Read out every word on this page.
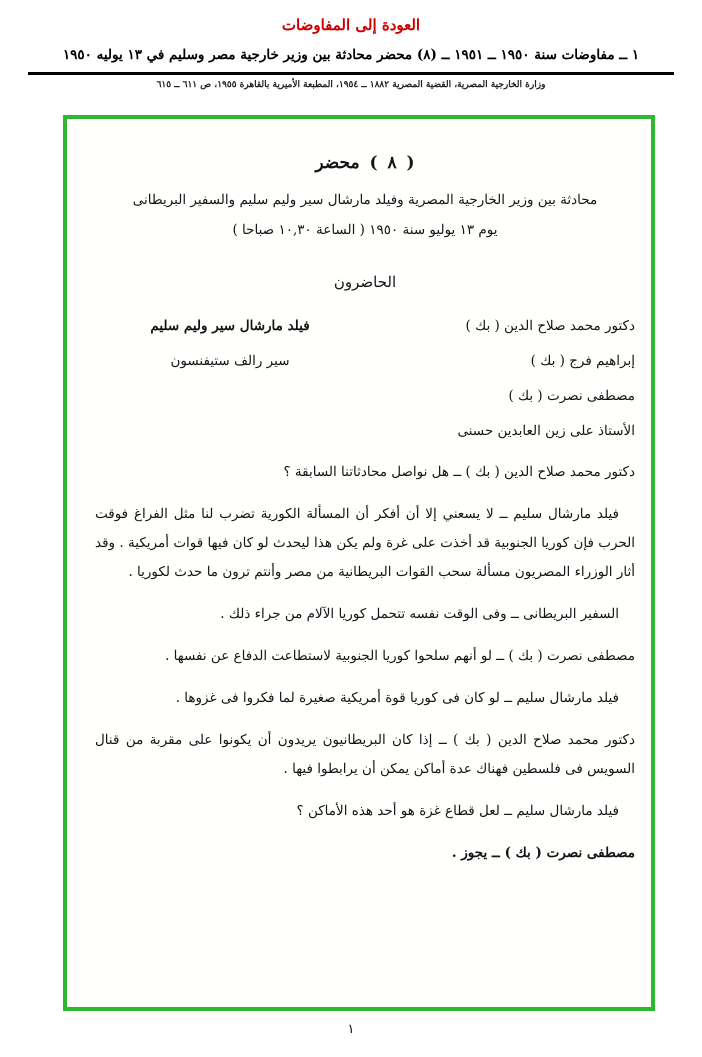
العودة إلى المفاوضات
١ ــ مفاوضات سنة ١٩٥٠ ــ ١٩٥١ ــ (٨) محضر محادثة بين وزير خارجية مصر وسليم في ١٣ يوليه ١٩٥٠
وزارة الخارجية المصرية، القضية المصرية ١٨٨٢ ــ ١٩٥٤، المطبعة الأميرية بالقاهرة ١٩٥٥، ص ٦١١ ــ ٦١٥
( ٨ ) محضر
محادثة بين وزير الخارجية المصرية وفيلد مارشال سير وليم سليم والسفير البريطانى
يوم ١٣ يوليو سنة ١٩٥٠ ( الساعة ١٠,٣٠ صباحا )
الحاضرون
دكتور محمد صلاح الدين ( بك )
فيلد مارشال سير وليم سليم
إبراهيم فرج ( بك )
سير رالف ستيفنسون
مصطفى نصرت ( بك )
الأستاذ على زين العابدين حسنى

دكتور محمد صلاح الدين ( بك ) ــ هل نواصل محادثاتنا السابقة ؟

فيلد مارشال سليم ــ لا يسعني إلا أن أفكر أن المسألة الكورية تضرب لنا مثل الفراغ فوقت الحرب فإن كوريا الجنوبية قد أخذت على غرة ولم يكن هذا ليحدث لو كان فيها قوات أمريكية . وقد أثار الوزراء المصريون مسألة سحب القوات البريطانية من مصر وأنتم ترون ما حدث لكوريا .

السفير البريطانى ــ وفى الوقت نفسه تتحمل كوريا الآلام من جراء ذلك .

مصطفى نصرت ( بك ) ــ لو أنهم سلحوا كوريا الجنوبية لاستطاعت الدفاع عن نفسها .

فيلد مارشال سليم ــ لو كان فى كوريا قوة أمريكية صغيرة لما فكروا فى غزوها .

دكتور محمد صلاح الدين ( بك ) ــ إذا كان البريطانيون يريدون أن يكونوا على مقربة من قنال السويس فى فلسطين فهناك عدة أماكن يمكن أن يرابطوا فيها .

فيلد مارشال سليم ــ لعل قطاع غزة هو أحد هذه الأماكن ؟

مصطفى نصرت ( بك ) ــ يجوز .

١
